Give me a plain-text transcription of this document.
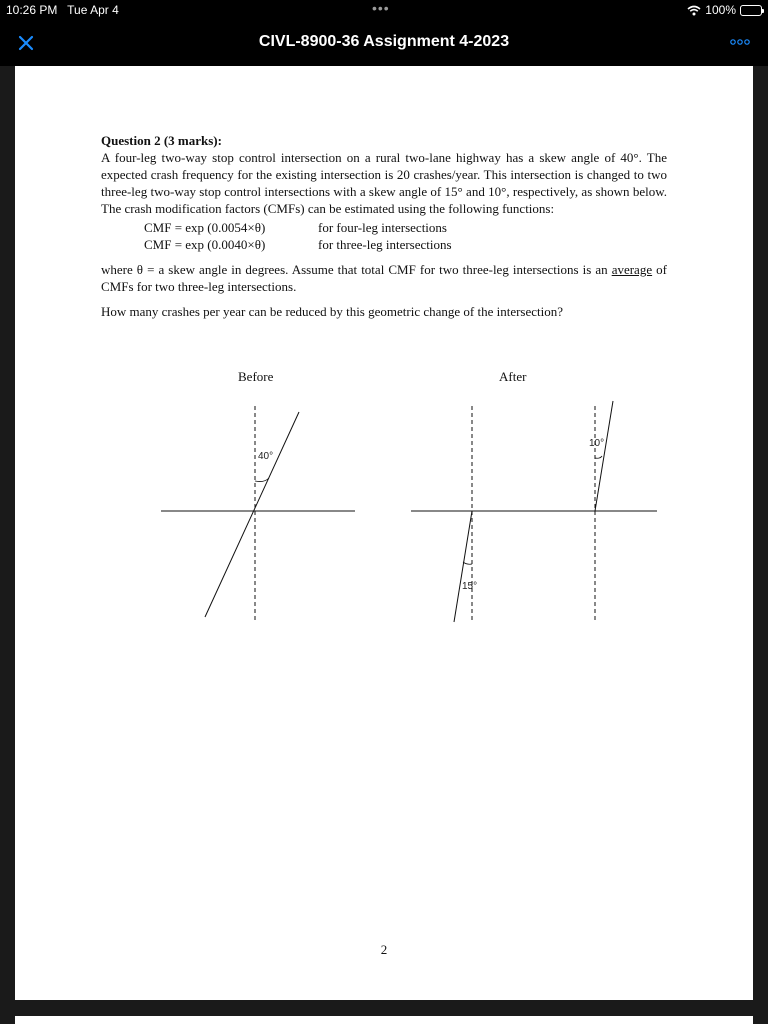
10:26 PM Tue Apr 4	•••	100%
CIVL-8900-36 Assignment 4-2023
Question 2 (3 marks):
A four-leg two-way stop control intersection on a rural two-lane highway has a skew angle of 40°. The expected crash frequency for the existing intersection is 20 crashes/year. This intersection is changed to two three-leg two-way stop control intersections with a skew angle of 15° and 10°, respectively, as shown below. The crash modification factors (CMFs) can be estimated using the following functions:
CMF = exp (0.0054×θ)	for four-leg intersections
CMF = exp (0.0040×θ)	for three-leg intersections
where θ = a skew angle in degrees. Assume that total CMF for two three-leg intersections is an average of CMFs for two three-leg intersections.
How many crashes per year can be reduced by this geometric change of the intersection?
Before	After
40°
15°
10°
2
